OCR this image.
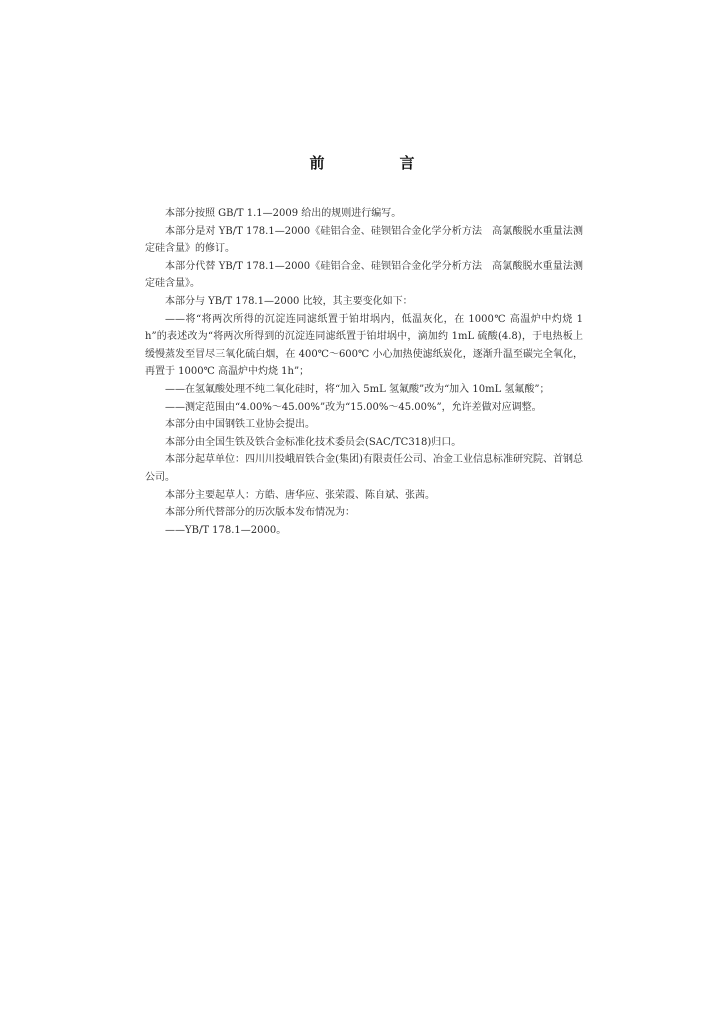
前　言

本部分按照 GB/T 1.1—2009 给出的规则进行编写。

本部分是对 YB/T 178.1—2000《硅铝合金、硅钡铝合金化学分析方法　高氯酸脱水重量法测定硅含量》的修订。

本部分代替 YB/T 178.1—2000《硅铝合金、硅钡铝合金化学分析方法　高氯酸脱水重量法测定硅含量》。

本部分与 YB/T 178.1—2000 比较，其主要变化如下：

——将“将两次所得的沉淀连同滤纸置于铂坩埚内，低温灰化，在 1000℃ 高温炉中灼烧 1h”的表述改为“将两次所得到的沉淀连同滤纸置于铂坩埚中，滴加约 1mL 硫酸(4.8)，于电热板上缓慢蒸发至冒尽三氧化硫白烟，在 400℃～600℃ 小心加热使滤纸炭化，逐渐升温至碳完全氧化，再置于 1000℃ 高温炉中灼烧 1h”；

——在氢氟酸处理不纯二氧化硅时，将“加入 5mL 氢氟酸”改为“加入 10mL 氢氟酸”；

——测定范围由“4.00%～45.00%”改为“15.00%～45.00%”，允许差做对应调整。

本部分由中国钢铁工业协会提出。

本部分由全国生铁及铁合金标准化技术委员会(SAC/TC318)归口。

本部分起草单位：四川川投峨眉铁合金(集团)有限责任公司、冶金工业信息标准研究院、首钢总公司。

本部分主要起草人：方皓、唐华应、张荣霞、陈自斌、张茜。

本部分所代替部分的历次版本发布情况为：

——YB/T 178.1—2000。
